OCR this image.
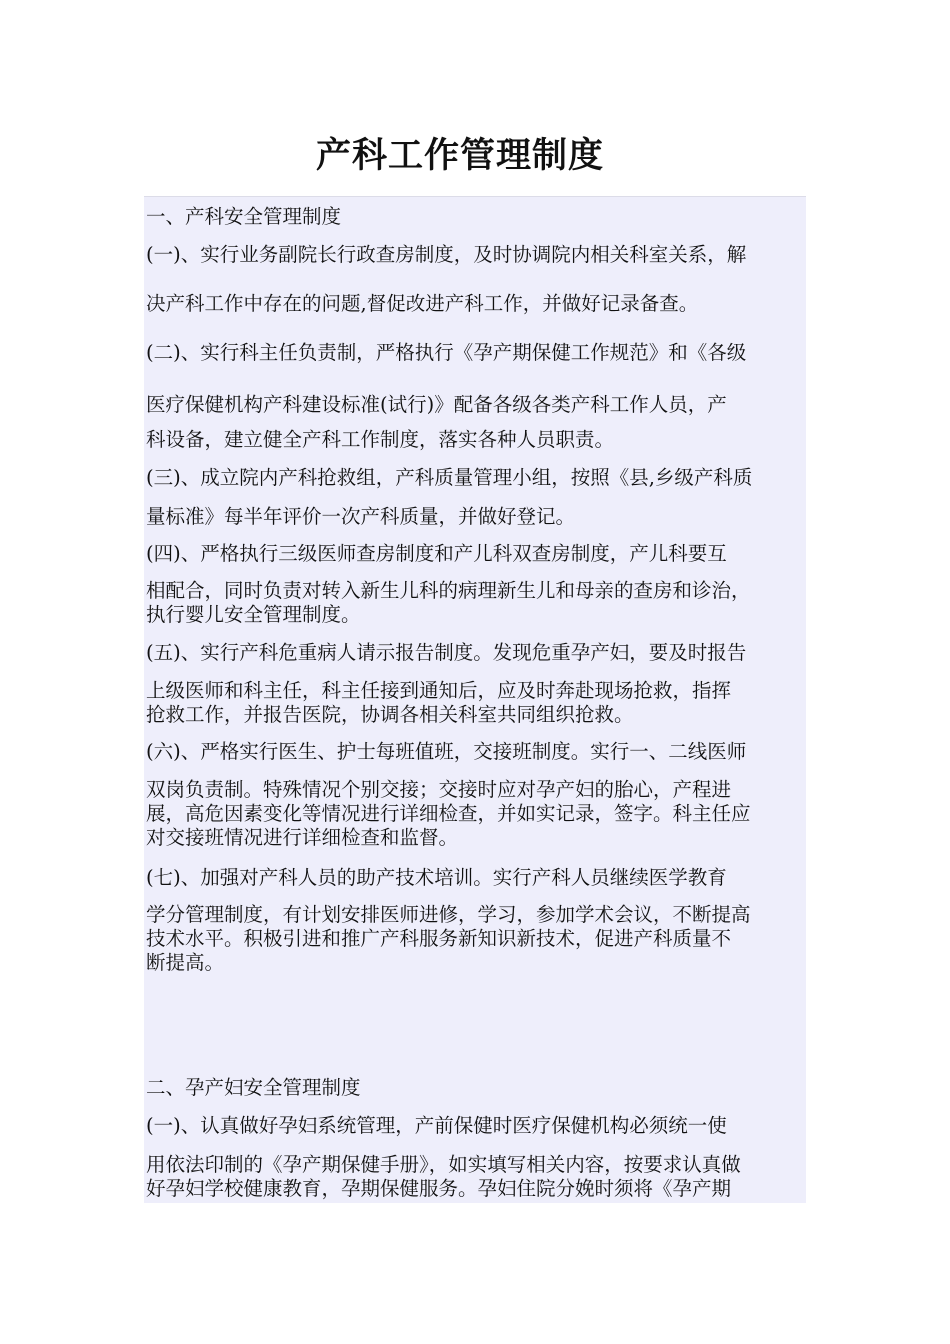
产科工作管理制度

一、产科安全管理制度

(一)、实行业务副院长行政查房制度，及时协调院内相关科室关系，解

决产科工作中存在的问题,督促改进产科工作，并做好记录备查。

(二)、实行科主任负责制，严格执行《孕产期保健工作规范》和《各级

医疗保健机构产科建设标准(试行)》配备各级各类产科工作人员，产

科设备，建立健全产科工作制度，落实各种人员职责。

(三)、成立院内产科抢救组，产科质量管理小组，按照《县,乡级产科质

量标准》每半年评价一次产科质量，并做好登记。

(四)、严格执行三级医师查房制度和产儿科双查房制度，产儿科要互

相配合，同时负责对转入新生儿科的病理新生儿和母亲的查房和诊治，

执行婴儿安全管理制度。

(五)、实行产科危重病人请示报告制度。发现危重孕产妇，要及时报告

上级医师和科主任，科主任接到通知后，应及时奔赴现场抢救，指挥

抢救工作，并报告医院，协调各相关科室共同组织抢救。

(六)、严格实行医生、护士每班值班，交接班制度。实行一、二线医师

双岗负责制。特殊情况个别交接；交接时应对孕产妇的胎心，产程进

展，高危因素变化等情况进行详细检查，并如实记录，签字。科主任应

对交接班情况进行详细检查和监督。

(七)、加强对产科人员的助产技术培训。实行产科人员继续医学教育

学分管理制度，有计划安排医师进修，学习，参加学术会议，不断提高

技术水平。积极引进和推广产科服务新知识新技术，促进产科质量不

断提高。

二、孕产妇安全管理制度

(一)、认真做好孕妇系统管理，产前保健时医疗保健机构必须统一使

用依法印制的《孕产期保健手册》，如实填写相关内容，按要求认真做

好孕妇学校健康教育，孕期保健服务。孕妇住院分娩时须将《孕产期
